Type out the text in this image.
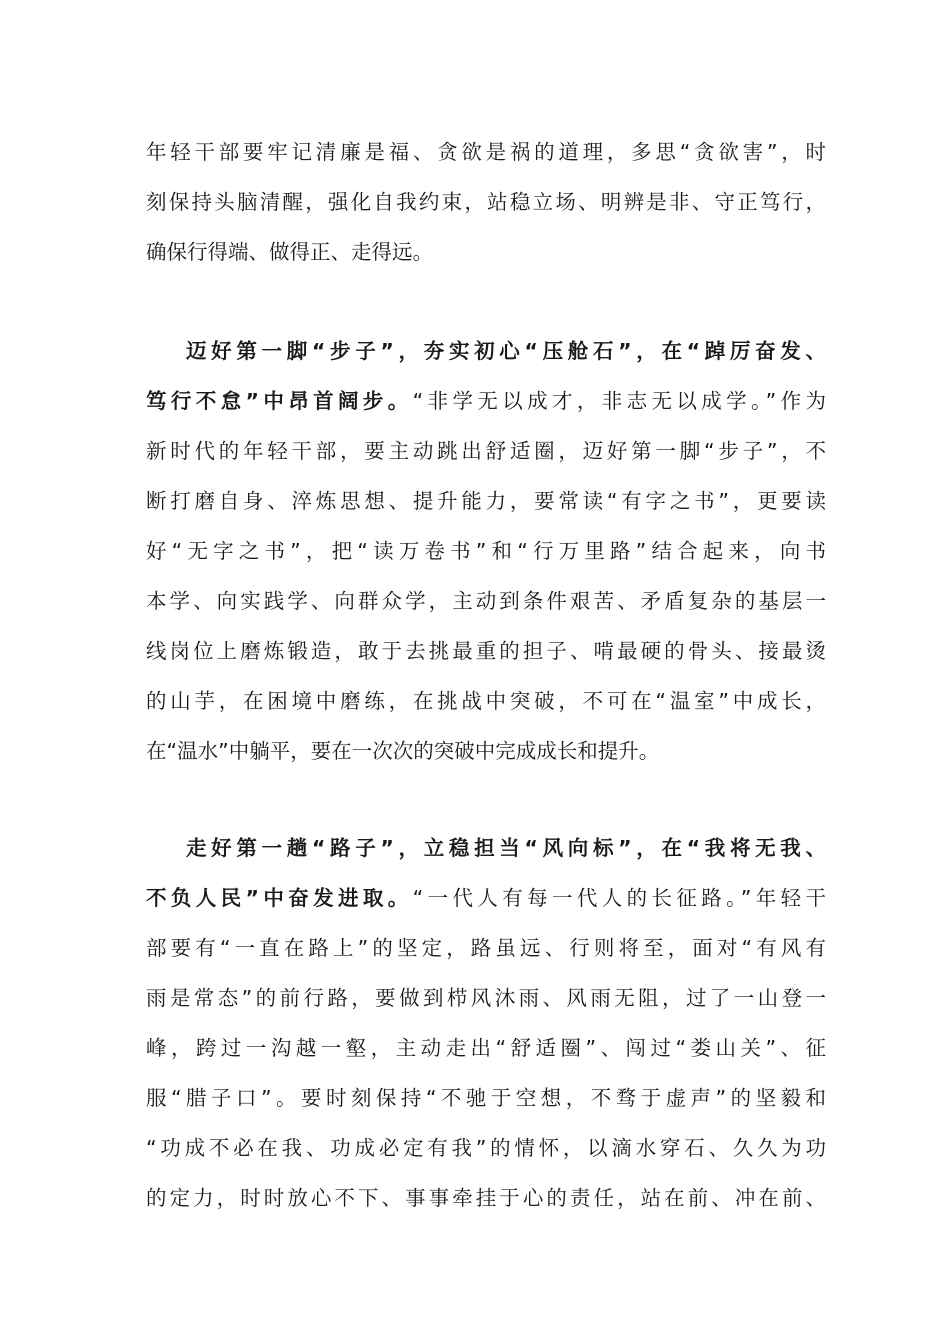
年轻干部要牢记清廉是福、贪欲是祸的道理，多思“贪欲害”，时
刻保持头脑清醒，强化自我约束，站稳立场、明辨是非、守正笃行，
确保行得端、做得正、走得远。
迈好第一脚“步子”，夯实初心“压舱石”，在“踔厉奋发、
笃行不怠”中昂首阔步。“非学无以成才，非志无以成学。”作为
新时代的年轻干部，要主动跳出舒适圈，迈好第一脚“步子”，不
断打磨自身、淬炼思想、提升能力，要常读“有字之书”，更要读
好“无字之书”，把“读万卷书”和“行万里路”结合起来，向书
本学、向实践学、向群众学，主动到条件艰苦、矛盾复杂的基层一
线岗位上磨炼锻造，敢于去挑最重的担子、啃最硬的骨头、接最烫
的山芋，在困境中磨练，在挑战中突破，不可在“温室”中成长，
在“温水”中躺平，要在一次次的突破中完成成长和提升。
走好第一趟“路子”，立稳担当“风向标”，在“我将无我、
不负人民”中奋发进取。“一代人有每一代人的长征路。”年轻干
部要有“一直在路上”的坚定，路虽远、行则将至，面对“有风有
雨是常态”的前行路，要做到栉风沐雨、风雨无阻，过了一山登一
峰，跨过一沟越一壑，主动走出“舒适圈”、闯过“娄山关”、征
服“腊子口”。要时刻保持“不驰于空想，不骛于虚声”的坚毅和
“功成不必在我、功成必定有我”的情怀，以滴水穿石、久久为功
的定力，时时放心不下、事事牵挂于心的责任，站在前、冲在前、
